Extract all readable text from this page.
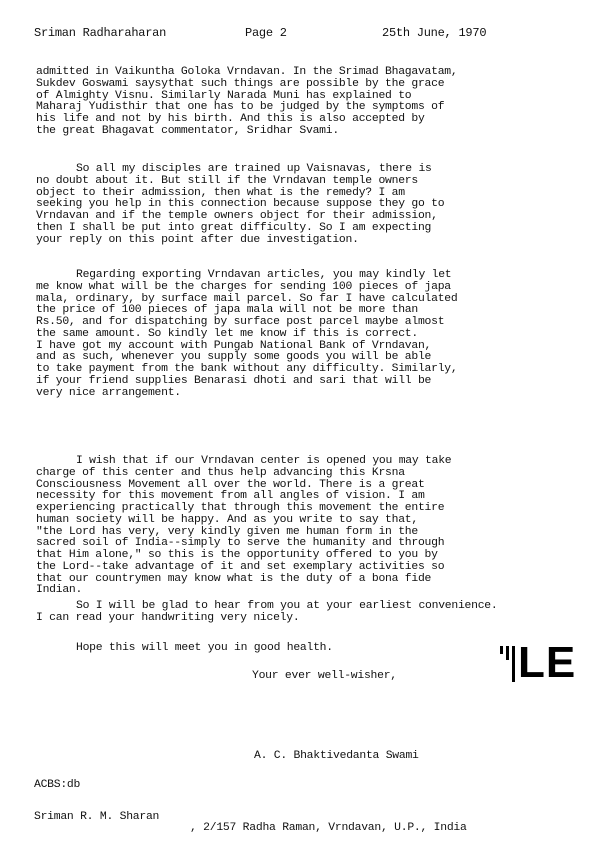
Sriman Radharaharan	Page 2	25th June, 1970

admitted in Vaikuntha Goloka Vrndavan. In the Srimad Bhagavatam,
Sukdev Goswami saysythat such things are possible by the grace
of Almighty Visnu. Similarly Narada Muni has explained to
Maharaj Yudisthir that one has to be judged by the symptoms of
his life and not by his birth. And this is also accepted by
the great Bhagavat commentator, Sridhar Svami.

So all my disciples are trained up Vaisnavas, there is
no doubt about it. But still if the Vrndavan temple owners
object to their admission, then what is the remedy? I am
seeking you help in this connection because suppose they go to
Vrndavan and if the temple owners object for their admission,
then I shall be put into great difficulty. So I am expecting
your reply on this point after due investigation.

Regarding exporting Vrndavan articles, you may kindly let
me know what will be the charges for sending 100 pieces of japa
mala, ordinary, by surface mail parcel. So far I have calculated
the price of 100 pieces of japa mala will not be more than
Rs.50, and for dispatching by surface post parcel maybe almost
the same amount. So kindly let me know if this is correct.
I have got my account with Pungab National Bank of Vrndavan,
and as such, whenever you supply some goods you will be able
to take payment from the bank without any difficulty. Similarly,
if your friend supplies Benarasi dhoti and sari that will be
very nice arrangement.

I wish that if our Vrndavan center is opened you may take
charge of this center and thus help advancing this Krsna
Consciousness Movement all over the world. There is a great
necessity for this movement from all angles of vision. I am
experiencing practically that through this movement the entire
human society will be happy. And as you write to say that,
"the Lord has very, very kindly given me human form in the
sacred soil of India--simply to serve the humanity and through
that Him alone," so this is the opportunity offered to you by
the Lord--take advantage of it and set exemplary activities so
that our countrymen may know what is the duty of a bona fide
Indian.

So I will be glad to hear from you at your earliest convenience.
I can read your handwriting very nicely.

Hope this will meet you in good health.
Your ever well-wisher,	LE
A. C. Bhaktivedanta Swami
ACBS:db
Sriman R. M. Sharan
, 2/157 Radha Raman, Vrndavan, U.P., India
